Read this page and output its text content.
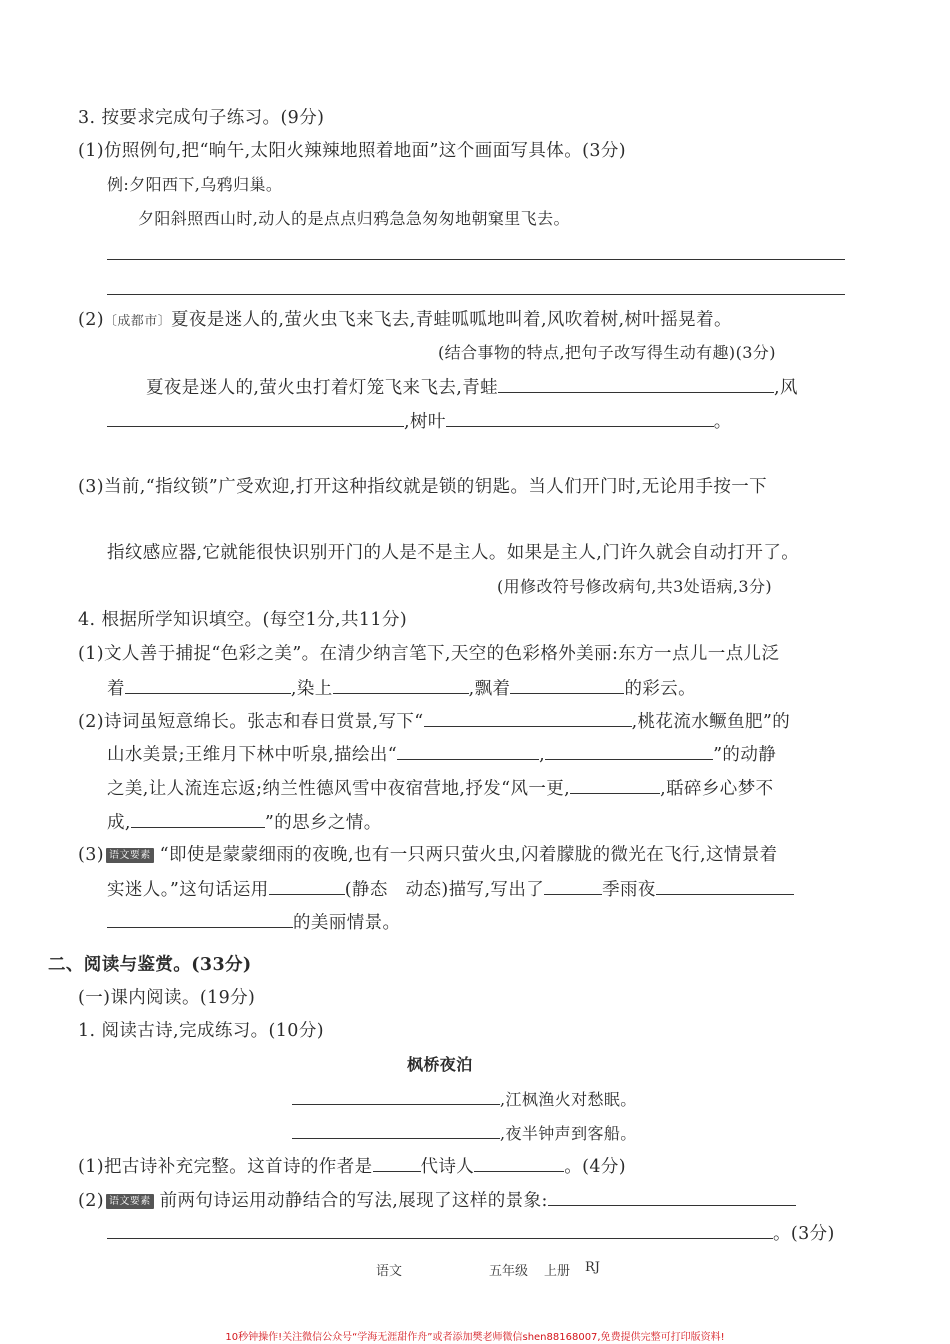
3. 按要求完成句子练习。(9分)
(1)仿照例句,把“晌午,太阳火辣辣地照着地面”这个画面写具体。(3分)
例:夕阳西下,乌鸦归巢。
夕阳斜照西山时,动人的是点点归鸦急急匆匆地朝窠里飞去。
(2)〔成都市〕夏夜是迷人的,萤火虫飞来飞去,青蛙呱呱地叫着,风吹着树,树叶摇晃着。
(结合事物的特点,把句子改写得生动有趣)(3分)
夏夜是迷人的,萤火虫打着灯笼飞来飞去,青蛙	,风
,树叶	。
(3)当前,“指纹锁”广受欢迎,打开这种指纹就是锁的钥匙。当人们开门时,无论用手按一下
指纹感应器,它就能很快识别开门的人是不是主人。如果是主人,门许久就会自动打开了。
(用修改符号修改病句,共3处语病,3分)
4. 根据所学知识填空。(每空1分,共11分)
(1)文人善于捕捉“色彩之美”。在清少纳言笔下,天空的色彩格外美丽:东方一点儿一点儿泛
着	,染上	,飘着	的彩云。
(2)诗词虽短意绵长。张志和春日赏景,写下“	,桃花流水鳜鱼肥”的
山水美景;王维月下林中听泉,描绘出“	,	”的动静
之美,让人流连忘返;纳兰性德风雪中夜宿营地,抒发“风一更,	,聒碎乡心梦不
成,	”的思乡之情。
(3) 语文要素 “即使是蒙蒙细雨的夜晚,也有一只两只萤火虫,闪着朦胧的微光在飞行,这情景着
实迷人。”这句话运用	(静态　动态)描写,写出了	季雨夜
的美丽情景。
二、阅读与鉴赏。(33分)
(一)课内阅读。(19分)
1. 阅读古诗,完成练习。(10分)
枫桥夜泊
,江枫渔火对愁眠。
,夜半钟声到客船。
(1)把古诗补充完整。这首诗的作者是	代诗人	。(4分)
(2) 语文要素 前两句诗运用动静结合的写法,展现了这样的景象:
。(3分)
语文	五年级 上册 RJ
10秒钟操作!关注微信公众号“学海无涯甜作舟”或者添加樊老师微信shen88168007,免费提供完整可打印版资料!
